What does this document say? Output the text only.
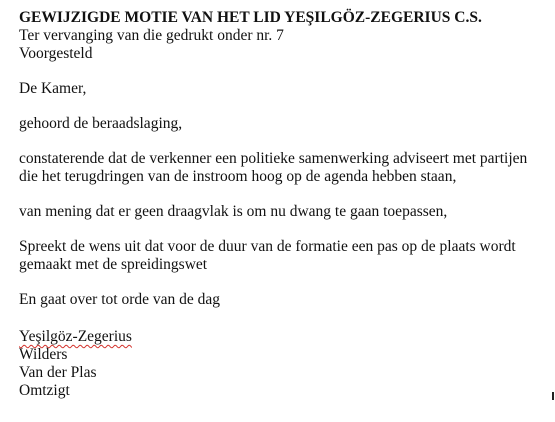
GEWIJZIGDE MOTIE VAN HET LID YEŞILGÖZ-ZEGERIUS C.S.

Ter vervanging van die gedrukt onder nr. 7

Voorgesteld

De Kamer,

gehoord de beraadslaging,

constaterende dat de verkenner een politieke samenwerking adviseert met partijen die het terugdringen van de instroom hoog op de agenda hebben staan,

van mening dat er geen draagvlak is om nu dwang te gaan toepassen,

Spreekt de wens uit dat voor de duur van de formatie een pas op de plaats wordt gemaakt met de spreidingswet

En gaat over tot orde van de dag

Yeşilgöz-Zegerius

Wilders

Van der Plas

Omtzigt
